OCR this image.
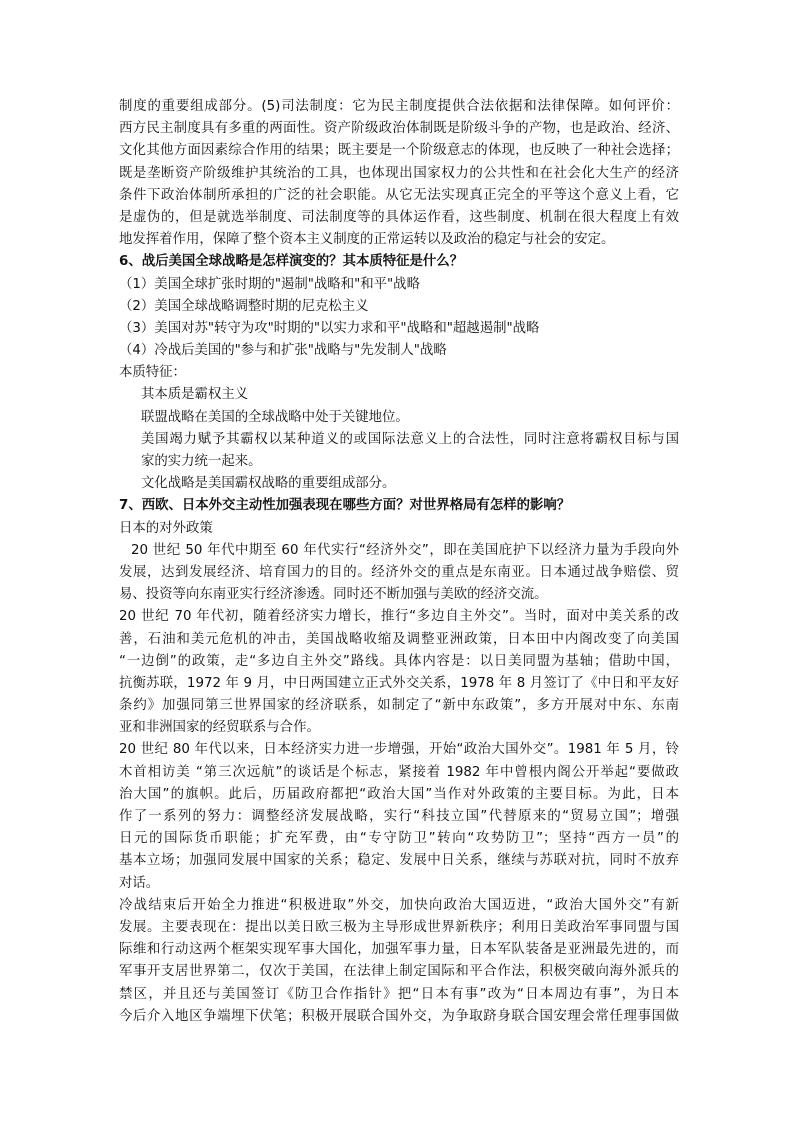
制度的重要组成部分。(5)司法制度：它为民主制度提供合法依据和法律保障。如何评价：
西方民主制度具有多重的两面性。资产阶级政治体制既是阶级斗争的产物，也是政治、经济、
文化其他方面因素综合作用的结果；既主要是一个阶级意志的体现，也反映了一种社会选择；
既是垄断资产阶级维护其统治的工具，也体现出国家权力的公共性和在社会化大生产的经济
条件下政治体制所承担的广泛的社会职能。从它无法实现真正完全的平等这个意义上看，它
是虚伪的，但是就选举制度、司法制度等的具体运作看，这些制度、机制在很大程度上有效
地发挥着作用，保障了整个资本主义制度的正常运转以及政治的稳定与社会的安定。
6、战后美国全球战略是怎样演变的？其本质特征是什么？
（1）美国全球扩张时期的"遏制"战略和"和平"战略
（2）美国全球战略调整时期的尼克松主义
（3）美国对苏"转守为攻"时期的"以实力求和平"战略和"超越遏制"战略
（4）冷战后美国的"参与和扩张"战略与"先发制人"战略
本质特征：
其本质是霸权主义
联盟战略在美国的全球战略中处于关键地位。
美国竭力赋予其霸权以某种道义的或国际法意义上的合法性，同时注意将霸权目标与国
家的实力统一起来。
文化战略是美国霸权战略的重要组成部分。
7、西欧、日本外交主动性加强表现在哪些方面？对世界格局有怎样的影响？
日本的对外政策
20 世纪 50 年代中期至 60 年代实行“经济外交”，即在美国庇护下以经济力量为手段向外
发展，达到发展经济、培育国力的目的。经济外交的重点是东南亚。日本通过战争赔偿、贸
易、投资等向东南亚实行经济渗透。同时还不断加强与美欧的经济交流。
20 世纪 70 年代初，随着经济实力增长，推行“多边自主外交”。当时，面对中美关系的改
善，石油和美元危机的冲击，美国战略收缩及调整亚洲政策，日本田中内阁改变了向美国
“一边倒”的政策，走“多边自主外交”路线。具体内容是：以日美同盟为基轴；借助中国，
抗衡苏联，1972 年 9 月，中日两国建立正式外交关系，1978 年 8 月签订了《中日和平友好
条约》加强同第三世界国家的经济联系，如制定了“新中东政策”，多方开展对中东、东南
亚和非洲国家的经贸联系与合作。
20 世纪 80 年代以来，日本经济实力进一步增强，开始“政治大国外交”。1981 年 5 月，铃
木首相访美 “第三次远航”的谈话是个标志，紧接着 1982 年中曾根内阁公开举起“要做政
治大国”的旗帜。此后，历届政府都把“政治大国”当作对外政策的主要目标。为此，日本
作了一系列的努力：调整经济发展战略，实行“科技立国”代替原来的“贸易立国”；增强
日元的国际货币职能；扩充军费，由“专守防卫”转向“攻势防卫”；坚持“西方一员”的
基本立场；加强同发展中国家的关系；稳定、发展中日关系，继续与苏联对抗，同时不放弃
对话。
冷战结束后开始全力推进“积极进取”外交，加快向政治大国迈进，“政治大国外交”有新
发展。主要表现在：提出以美日欧三极为主导形成世界新秩序；利用日美政治军事同盟与国
际维和行动这两个框架实现军事大国化，加强军事力量，日本军队装备是亚洲最先进的，而
军事开支居世界第二，仅次于美国，在法律上制定国际和平合作法，积极突破向海外派兵的
禁区，并且还与美国签订《防卫合作指针》把“日本有事”改为“日本周边有事”，为日本
今后介入地区争端埋下伏笔；积极开展联合国外交，为争取跻身联合国安理会常任理事国做
